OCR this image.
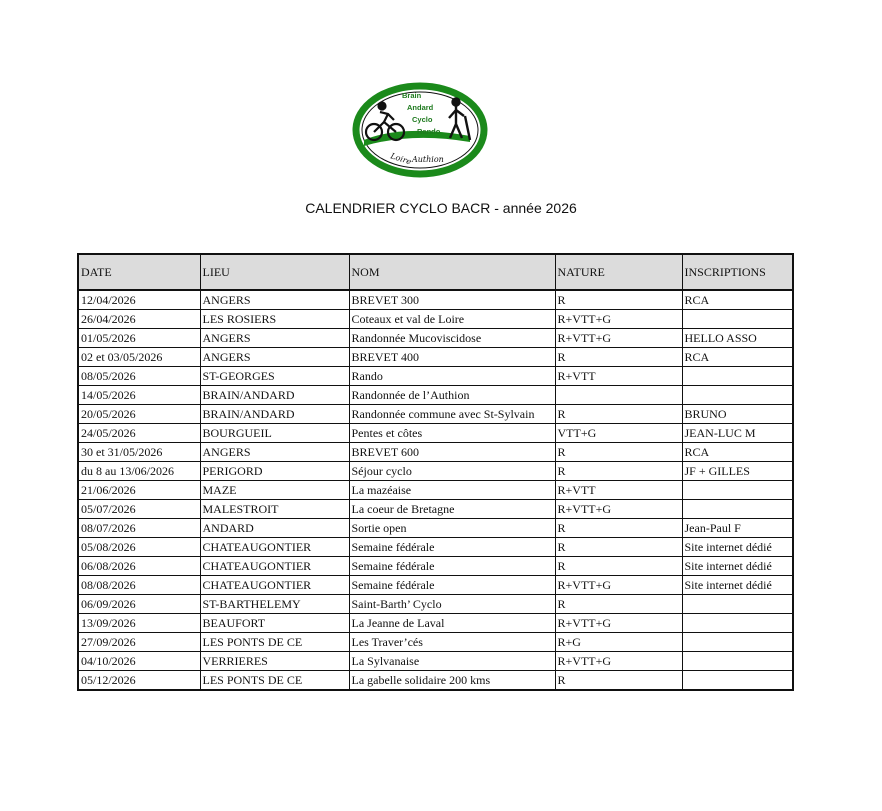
Brain
Andard
Cyclo
Rando
Loire Authion
CALENDRIER CYCLO BACR - année 2026
DATE	LIEU	NOM	NATURE	INSCRIPTIONS
12/04/2026	ANGERS	BREVET 300	R	RCA
26/04/2026	LES ROSIERS	Coteaux et val de Loire	R+VTT+G	
01/05/2026	ANGERS	Randonnée Mucoviscidose	R+VTT+G	HELLO ASSO
02 et 03/05/2026	ANGERS	BREVET 400	R	RCA
08/05/2026	ST-GEORGES	Rando	R+VTT	
14/05/2026	BRAIN/ANDARD	Randonnée de l’Authion		
20/05/2026	BRAIN/ANDARD	Randonnée commune avec St-Sylvain	R	BRUNO
24/05/2026	BOURGUEIL	Pentes et côtes	VTT+G	JEAN-LUC M
30 et 31/05/2026	ANGERS	BREVET 600	R	RCA
du 8 au 13/06/2026	PERIGORD	Séjour cyclo	R	JF + GILLES
21/06/2026	MAZE	La mazéaise	R+VTT	
05/07/2026	MALESTROIT	La coeur de Bretagne	R+VTT+G	
08/07/2026	ANDARD	Sortie open	R	Jean-Paul F
05/08/2026	CHATEAUGONTIER	Semaine fédérale	R	Site internet dédié
06/08/2026	CHATEAUGONTIER	Semaine fédérale	R	Site internet dédié
08/08/2026	CHATEAUGONTIER	Semaine fédérale	R+VTT+G	Site internet dédié
06/09/2026	ST-BARTHELEMY	Saint-Barth’ Cyclo	R	
13/09/2026	BEAUFORT	La Jeanne de Laval	R+VTT+G	
27/09/2026	LES PONTS DE CE	Les Traver’cés	R+G	
04/10/2026	VERRIERES	La Sylvanaise	R+VTT+G	
05/12/2026	LES PONTS DE CE	La gabelle solidaire 200 kms	R	
